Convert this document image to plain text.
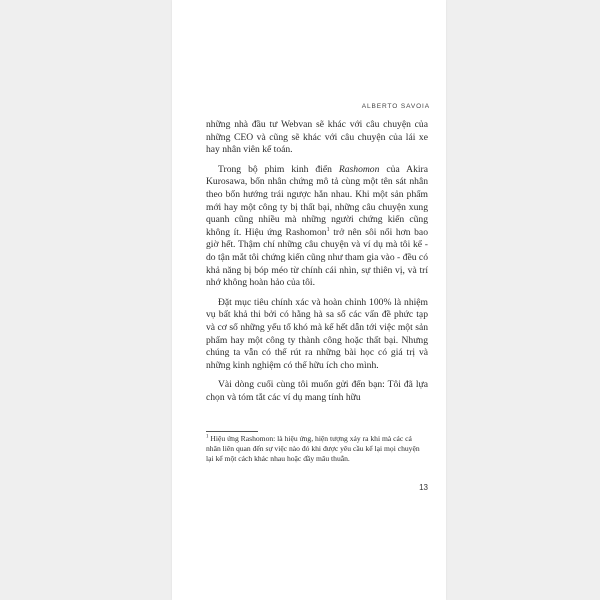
ALBERTO SAVOIA

những nhà đầu tư Webvan sẽ khác với câu chuyện của những CEO và cũng sẽ khác với câu chuyện của lái xe hay nhân viên kế toán.

Trong bộ phim kinh điển Rashomon của Akira Kurosawa, bốn nhân chứng mô tả cùng một tên sát nhân theo bốn hướng trái ngược hẳn nhau. Khi một sản phẩm mới hay một công ty bị thất bại, những câu chuyện xung quanh cũng nhiều mà những người chứng kiến cũng không ít. Hiệu ứng Rashomon$^1$ trở nên sôi nổi hơn bao giờ hết. Thậm chí những câu chuyện và ví dụ mà tôi kể - do tận mắt tôi chứng kiến cũng như tham gia vào - đều có khả năng bị bóp méo từ chính cái nhìn, sự thiên vị, và trí nhớ không hoàn hảo của tôi.

Đặt mục tiêu chính xác và hoàn chỉnh 100% là nhiệm vụ bất khả thi bởi có hằng hà sa số các vấn đề phức tạp và cơ số những yếu tố khó mà kể hết dẫn tới việc một sản phẩm hay một công ty thành công hoặc thất bại. Nhưng chúng ta vẫn có thể rút ra những bài học có giá trị và những kinh nghiệm có thể hữu ích cho mình.

Vài dòng cuối cùng tôi muốn gửi đến bạn: Tôi đã lựa chọn và tóm tắt các ví dụ mang tính hữu

$^1$ Hiệu ứng Rashomon: là hiệu ứng, hiện tượng xảy ra khi mà các cá nhân liên quan đến sự việc nào đó khi được yêu cầu kể lại mọi chuyện lại kể một cách khác nhau hoặc đầy mâu thuẫn.
13
